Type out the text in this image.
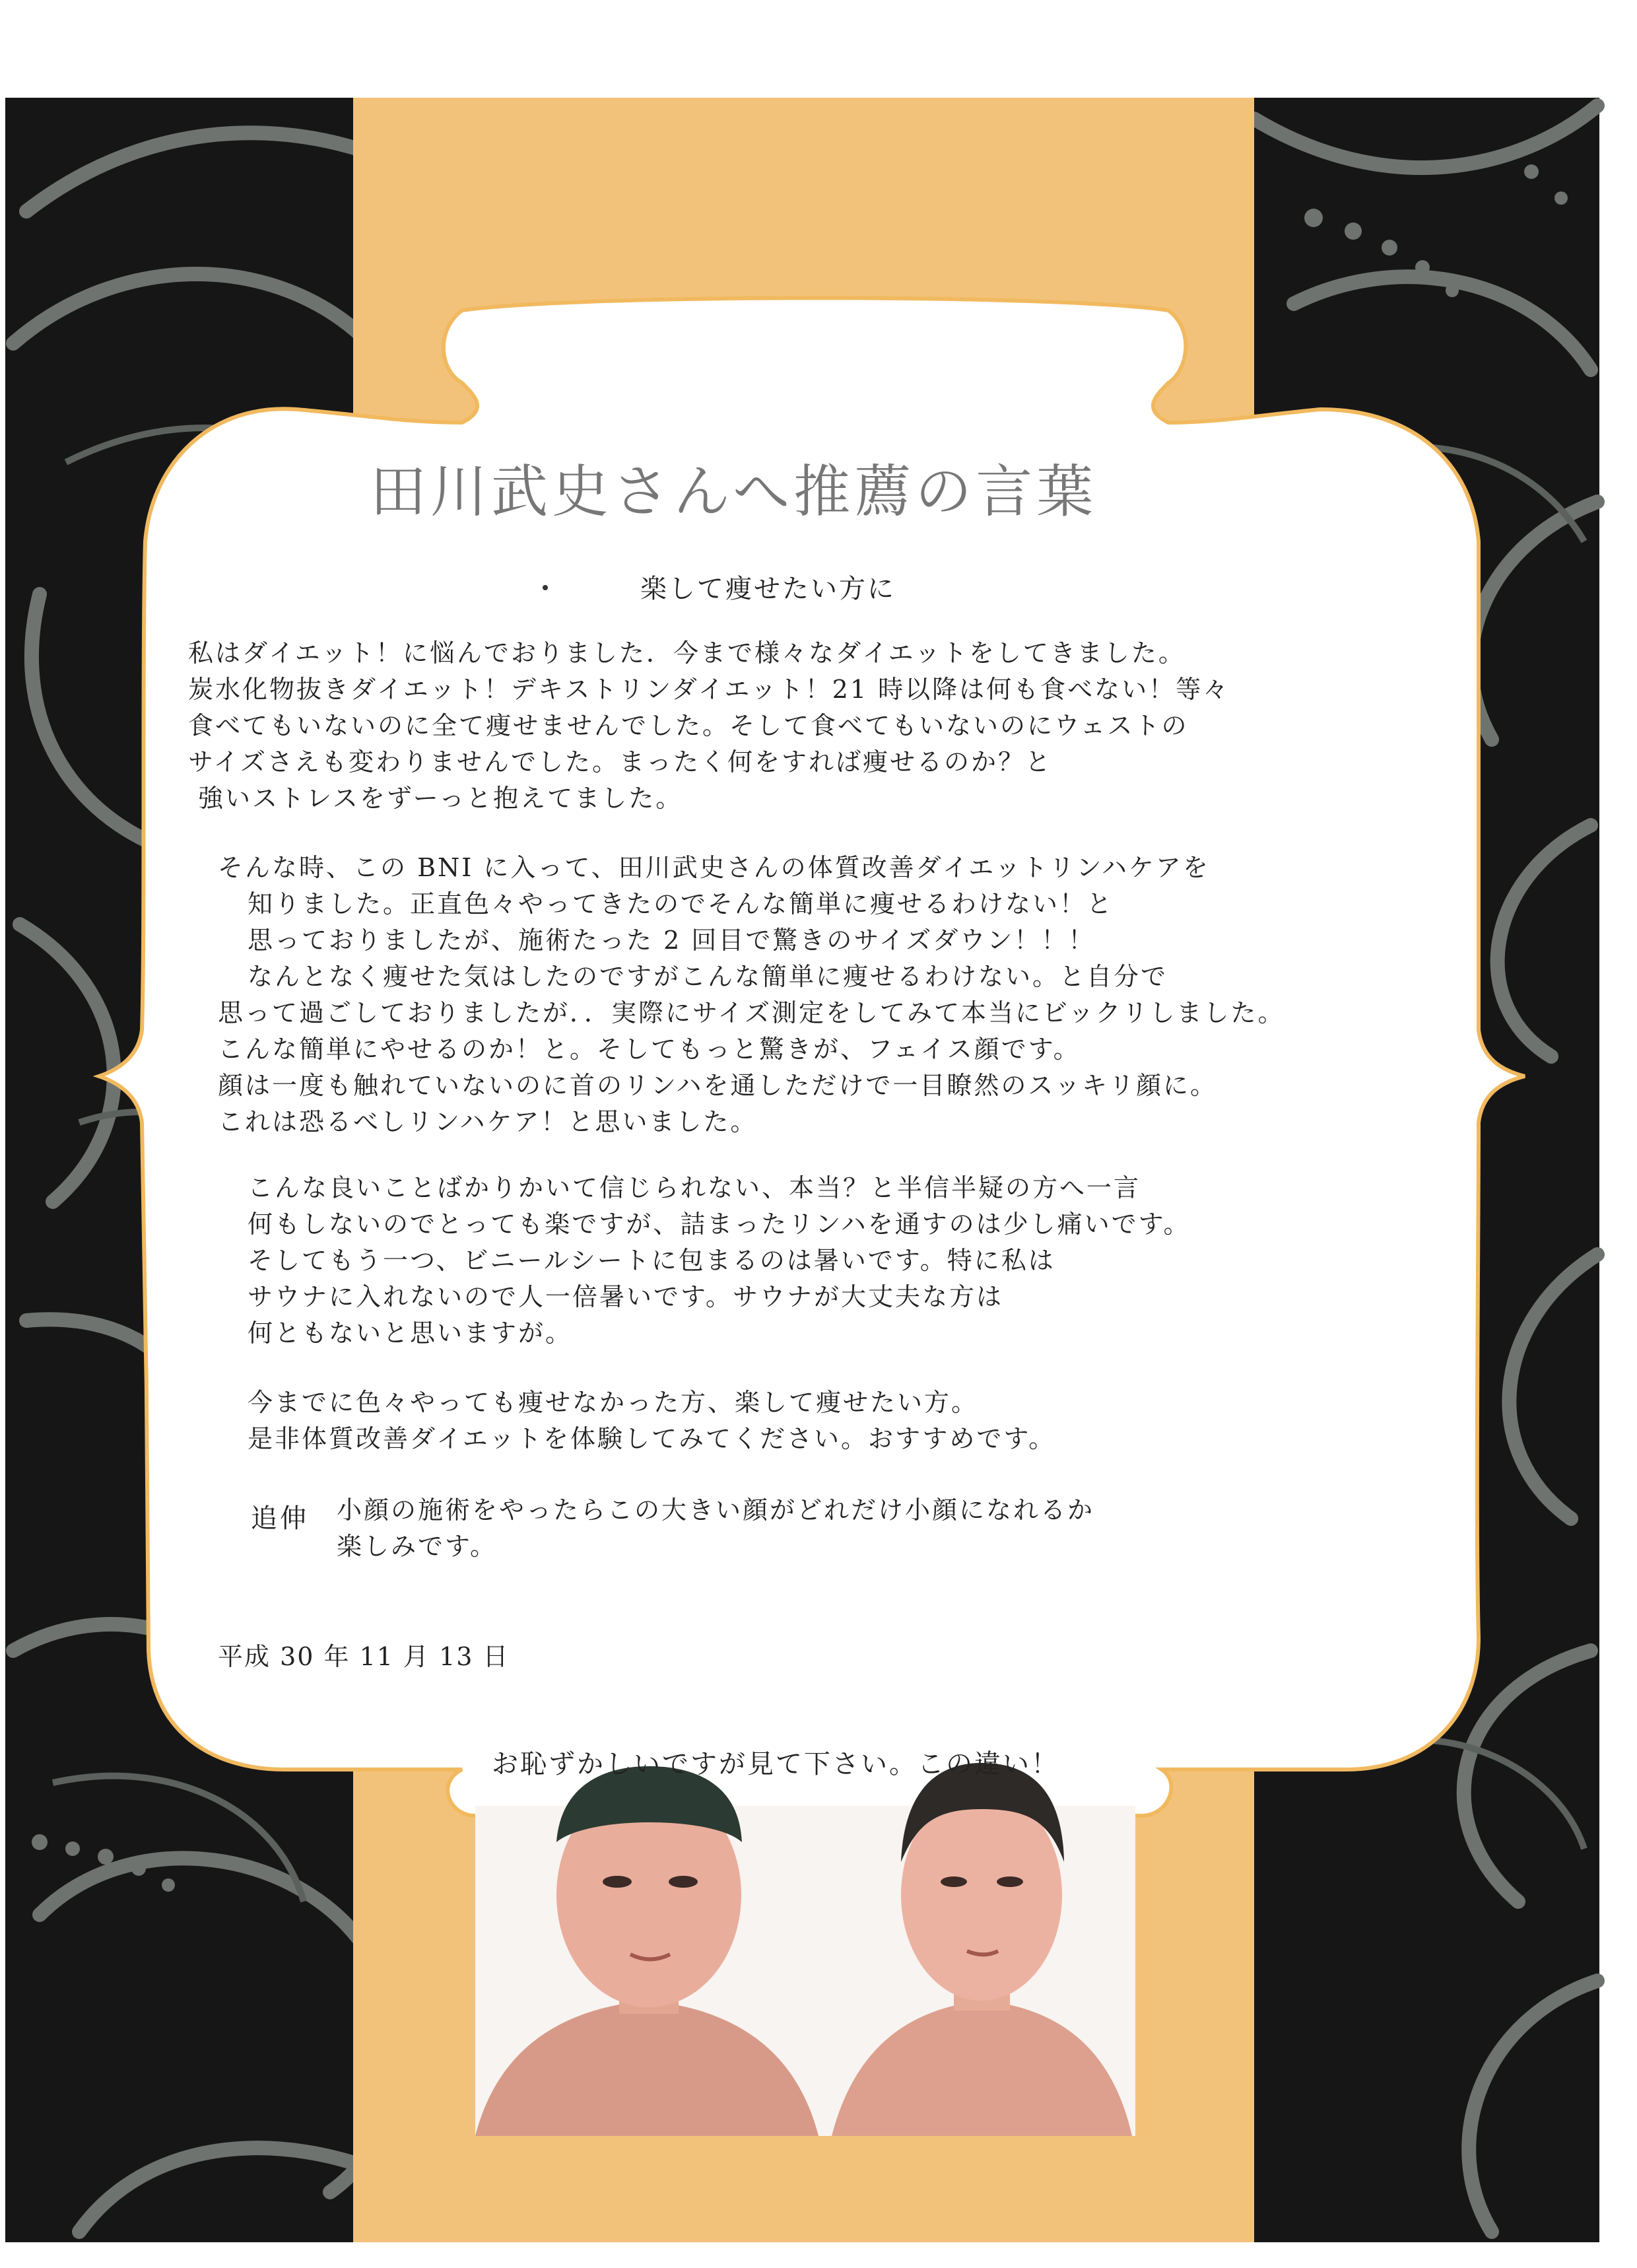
田川武史さんへ推薦の言葉
楽して痩せたい方に
私はダイエット！に悩んでおりました．今まで様々なダイエットをしてきました。
炭水化物抜きダイエット！デキストリンダイエット！21 時以降は何も食べない！等々
食べてもいないのに全て痩せませんでした。そして食べてもいないのにウェストの
サイズさえも変わりませんでした。まったく何をすれば痩せるのか？と
強いストレスをずーっと抱えてました。
そんな時、この BNI に入って、田川武史さんの体質改善ダイエットリンハケアを
知りました。正直色々やってきたのでそんな簡単に痩せるわけない！と
思っておりましたが、施術たった 2 回目で驚きのサイズダウン！！！
なんとなく痩せた気はしたのですがこんな簡単に痩せるわけない。と自分で
思って過ごしておりましたが．．実際にサイズ測定をしてみて本当にビックリしました。
こんな簡単にやせるのか！と。そしてもっと驚きが、フェイス顔です。
顔は一度も触れていないのに首のリンハを通しただけで一目瞭然のスッキリ顔に。
これは恐るべしリンハケア！と思いました。
こんな良いことばかりかいて信じられない、本当？と半信半疑の方へ一言
何もしないのでとっても楽ですが、詰まったリンハを通すのは少し痛いです。
そしてもう一つ、ビニールシートに包まるのは暑いです。特に私は
サウナに入れないので人一倍暑いです。サウナが大丈夫な方は
何ともないと思いますが。
今までに色々やっても痩せなかった方、楽して痩せたい方。
是非体質改善ダイエットを体験してみてください。おすすめです。
追伸 小顔の施術をやったらこの大きい顔がどれだけ小顔になれるか
楽しみです。
平成 30 年 11 月 13 日
お恥ずかしいですが見て下さい。この違い！
